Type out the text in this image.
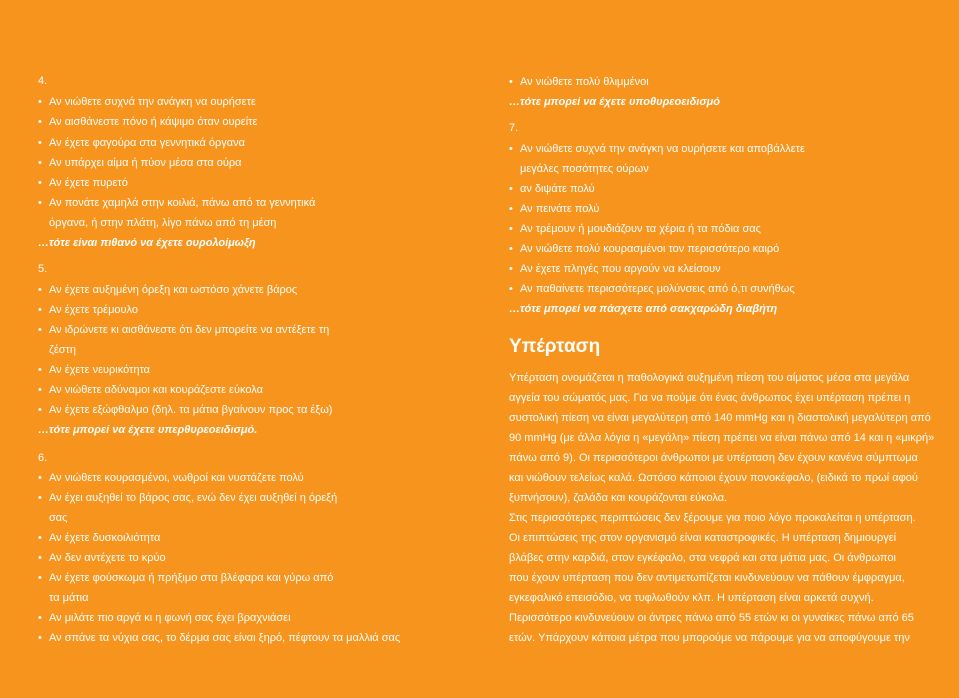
4.
• Αν νιώθετε συχνά την ανάγκη να ουρήσετε
• Αν αισθάνεστε πόνο ή κάψιμο όταν ουρείτε
• Αν έχετε φαγούρα στα γεννητικά όργανα
• Αν υπάρχει αίμα ή πύον μέσα στα ούρα
• Αν έχετε πυρετό
• Αν πονάτε χαμηλά στην κοιλιά, πάνω από τα γεννητικά
όργανα, ή στην πλάτη, λίγο πάνω από τη μέση
…τότε είναι πιθανό να έχετε ουρολοίμωξη
5.
• Αν έχετε αυξημένη όρεξη και ωστόσο χάνετε βάρος
• Αν έχετε τρέμουλο
• Αν ιδρώνετε κι αισθάνεστε ότι δεν μπορείτε να αντέξετε τη
ζέστη
• Αν έχετε νευρικότητα
• Αν νιώθετε αδύναμοι και κουράζεστε εύκολα
• Αν έχετε εξώφθαλμο (δηλ. τα μάτια βγαίνουν προς τα έξω)
…τότε μπορεί να έχετε υπερθυρεοειδισμό.
6.
• Αν νιώθετε κουρασμένοι, νωθροί και νυστάζετε πολύ
• Αν έχει αυξηθεί το βάρος σας, ενώ δεν έχει αυξηθεί η όρεξή
σας
• Αν έχετε δυσκοιλιότητα
• Αν δεν αντέχετε το κρύο
• Αν έχετε φούσκωμα ή πρήξιμο στα βλέφαρα και γύρω από
τα μάτια
• Αν μιλάτε πιο αργά κι η φωνή σας έχει βραχνιάσει
• Αν σπάνε τα νύχια σας, το δέρμα σας είναι ξηρό, πέφτουν τα μαλλιά σας
• Αν νιώθετε πολύ θλιμμένοι
…τότε μπορεί να έχετε υποθυρεοειδισμό
7.
• Αν νιώθετε συχνά την ανάγκη να ουρήσετε και αποβάλλετε
μεγάλες ποσότητες ούρων
• αν διψάτε πολύ
• Αν πεινάτε πολύ
• Αν τρέμουν ή μουδιάζουν τα χέρια ή τα πόδια σας
• Αν νιώθετε πολύ κουρασμένοι τον περισσότερο καιρό
• Αν έχετε πληγές που αργούν να κλείσουν
• Αν παθαίνετε περισσότερες μολύνσεις από ό,τι συνήθως
…τότε μπορεί να πάσχετε από σακχαρώδη διαβήτη
Υπέρταση
Υπέρταση ονομάζεται η παθολογικά αυξημένη πίεση του αίματος μέσα στα μεγάλα
αγγεία του σώματός μας. Για να πούμε ότι ένας άνθρωπος έχει υπέρταση πρέπει η
συστολική πίεση να είναι μεγαλύτερη από 140 mmHg και η διαστολική μεγαλύτερη από
90 mmHg (με άλλα λόγια η «μεγάλη» πίεση πρέπει να είναι πάνω από 14 και η «μικρή»
πάνω από 9). Οι περισσότεροι άνθρωποι με υπέρταση δεν έχουν κανένα σύμπτωμα
και νιώθουν τελείως καλά. Ωστόσο κάποιοι έχουν πονοκέφαλο, (ειδικά το πρωί αφού
ξυπνήσουν), ζαλάδα και κουράζονται εύκολα.
Στις περισσότερες περιπτώσεις δεν ξέρουμε για ποιο λόγο προκαλείται η υπέρταση.
Οι επιπτώσεις της στον οργανισμό είναι καταστροφικές. Η υπέρταση δημιουργεί
βλάβες στην καρδιά, στον εγκέφαλο, στα νεφρά και στα μάτια μας. Οι άνθρωποι
που έχουν υπέρταση που δεν αντιμετωπίζεται κινδυνεύουν να πάθουν έμφραγμα,
εγκεφαλικό επεισόδιο, να τυφλωθούν κλπ. Η υπέρταση είναι αρκετά συχνή.
Περισσότερο κινδυνεύουν οι άντρες πάνω από 55 ετών κι οι γυναίκες πάνω από 65
ετών. Υπάρχουν κάποια μέτρα που μπορούμε να πάρουμε για να αποφύγουμε την
